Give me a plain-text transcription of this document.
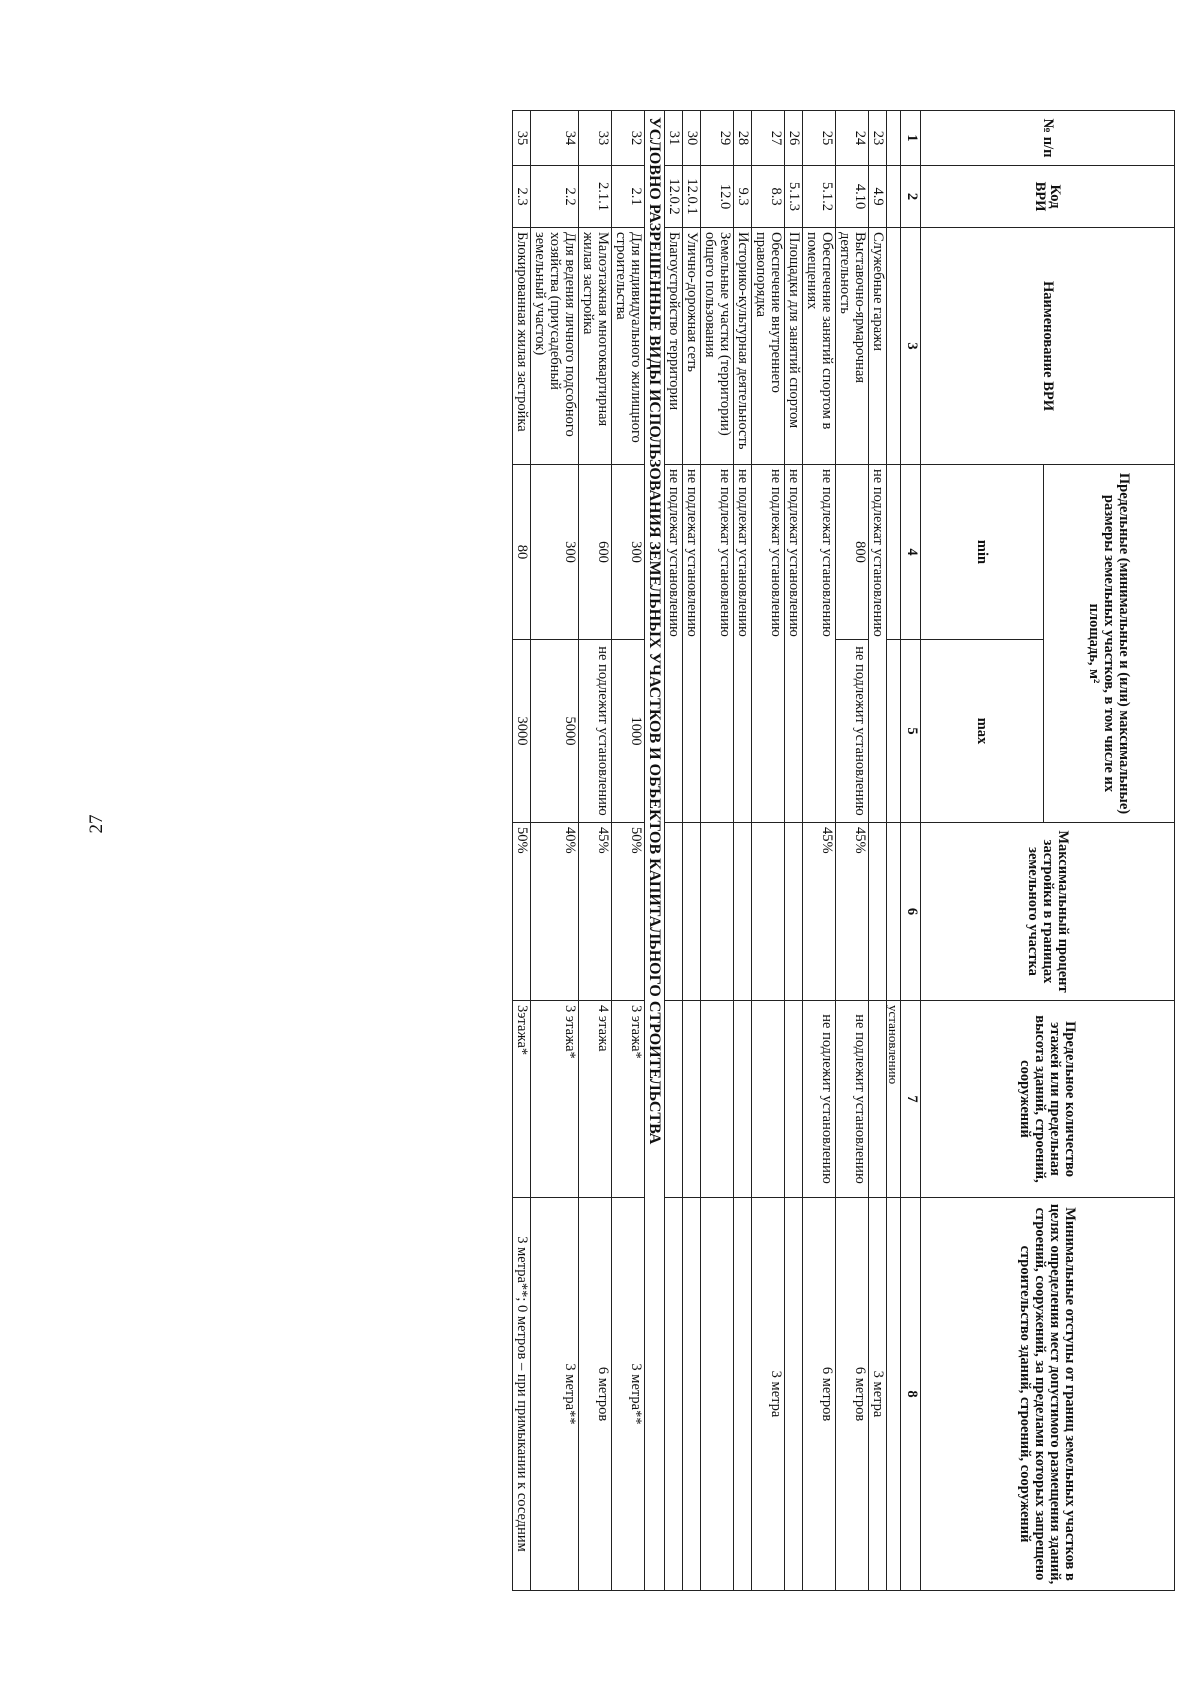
27
№ п/п	Код ВРИ	Наименование ВРИ	Предельные (минимальные и (или) максимальные) размеры земельных участков, в том числе их площадь, м²		Максимальный процент застройки в границах земельного участка	Предельное количество этажей или предельная высота зданий, строений, сооружений	Минимальные отступы от границ земельных участков в целях определения мест допустимого размещения зданий, строений, сооружений, за пределами которых запрещено строительство зданий, строений, сооружений
			min	max			
1	2	3	4	5	6	7	8
						установлению	
23	4.9	Служебные гаражи	не подлежат установлению				3 метра
24	4.10	Выставочно-ярмарочная деятельность	800	не подлежит установлению	45%	не подлежит установлению	6 метров
25	5.1.2	Обеспечение занятий спортом в помещениях	не подлежат установлению		45%	не подлежит установлению	6 метров
26	5.1.3	Площадки для занятий спортом	не подлежат установлению				
27	8.3	Обеспечение внутреннего правопорядка	не подлежат установлению				3 метра
28	9.3	Историко-культурная деятельность	не подлежат установлению				
29	12.0	Земельные участки (территории) общего пользования	не подлежат установлению				
30	12.0.1	Улично-дорожная сеть	не подлежат установлению				
31	12.0.2	Благоустройство территории	не подлежат установлению				
УСЛОВНО РАЗРЕШЕННЫЕ ВИДЫ ИСПОЛЬЗОВАНИЯ ЗЕМЕЛЬНЫХ УЧАСТКОВ И ОБЪЕКТОВ КАПИТАЛЬНОГО СТРОИТЕЛЬСТВА							
32	2.1	Для индивидуального жилищного строительства	300	1000	50%	3 этажа*	3 метра**
33	2.1.1	Малоэтажная многоквартирная жилая застройка	600	не подлежит установлению	45%	4 этажа	6 метров
34	2.2	Для ведения личного подсобного хозяйства (приусадебный земельный участок)	300	5000	40%	3 этажа*	3 метра**
35	2.3	Блокированная жилая застройка	80	3000	50%	3этажа*	3 метра**; 0 метров – при примыкании к соседним
